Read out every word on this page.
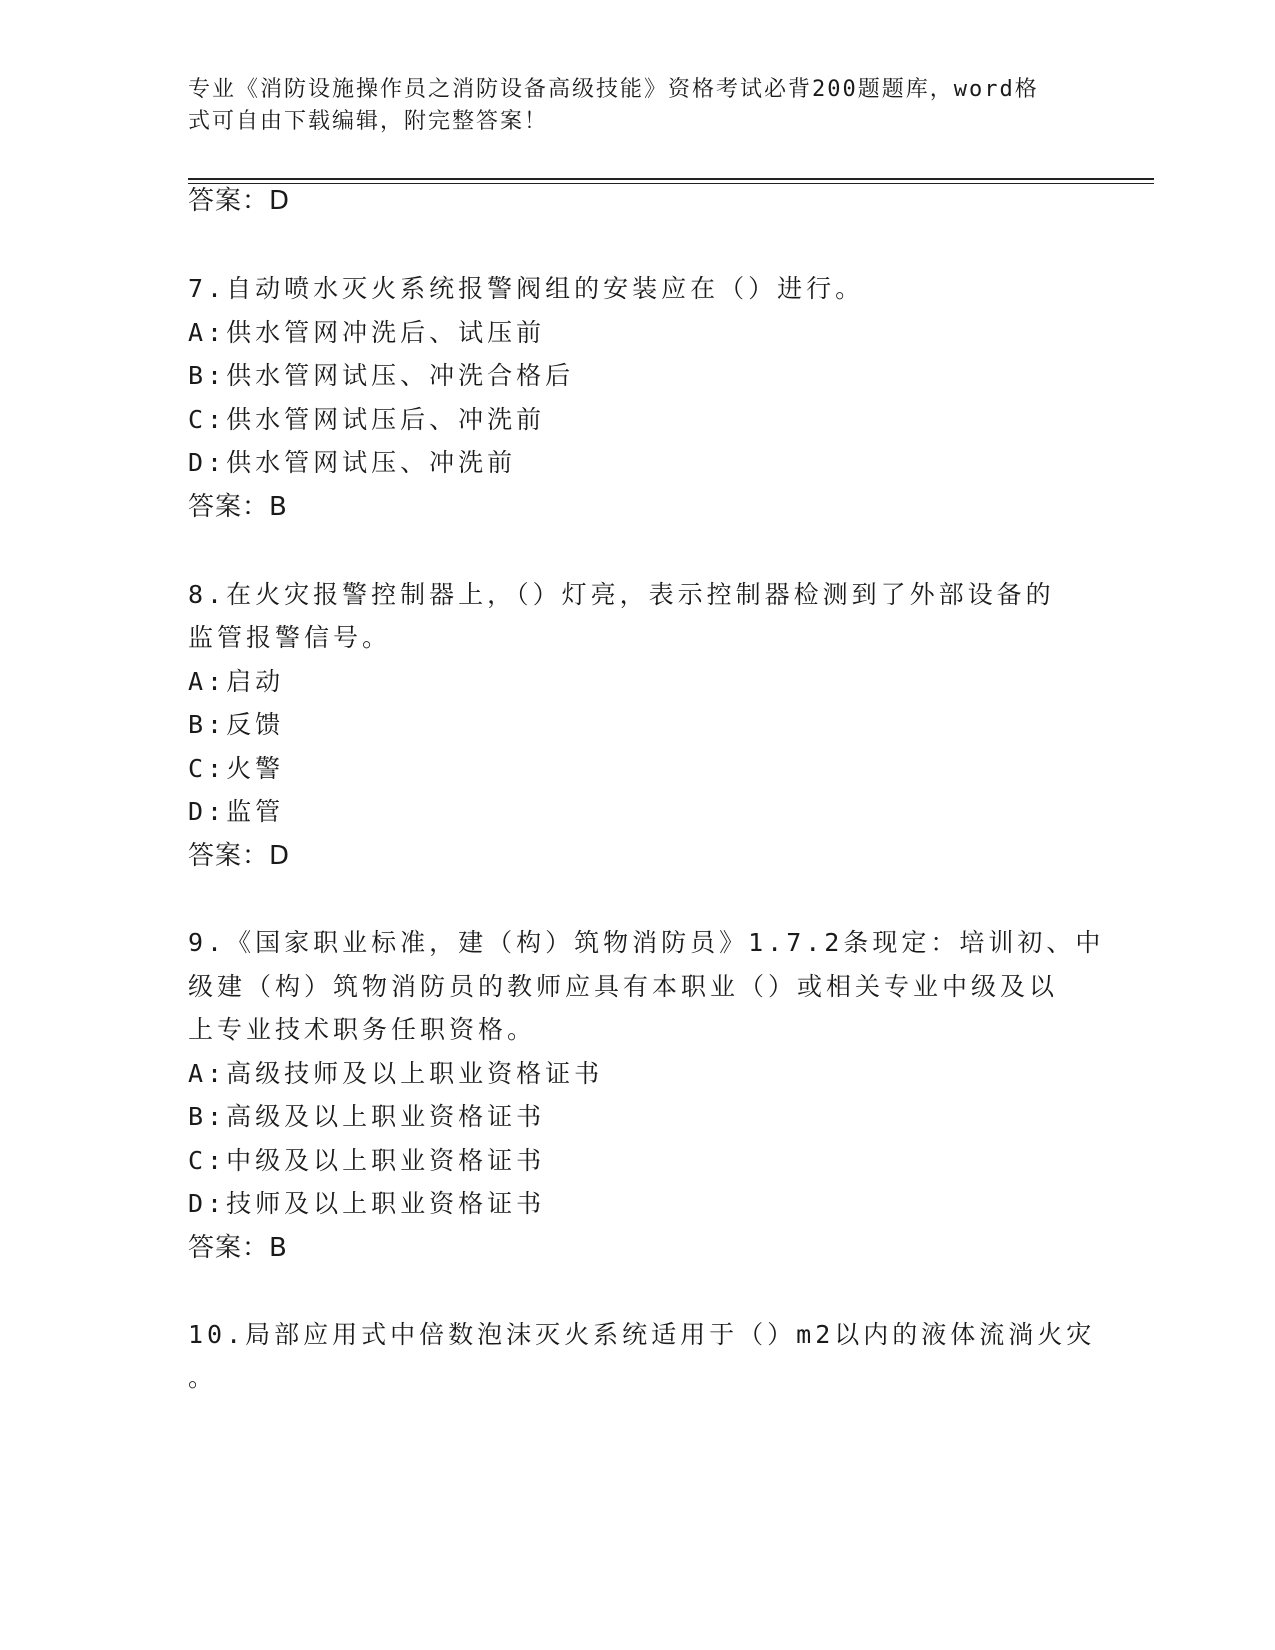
专业《消防设施操作员之消防设备高级技能》资格考试必背200题题库，word格
式可自由下载编辑，附完整答案！
答案：D
7.自动喷水灭火系统报警阀组的安装应在（）进行。
A:供水管网冲洗后、试压前
B:供水管网试压、冲洗合格后
C:供水管网试压后、冲洗前
D:供水管网试压、冲洗前
答案：B
8.在火灾报警控制器上，（）灯亮，表示控制器检测到了外部设备的
监管报警信号。
A:启动
B:反馈
C:火警
D:监管
答案：D
9.《国家职业标准，建（构）筑物消防员》1.7.2条现定：培训初、中
级建（构）筑物消防员的教师应具有本职业（）或相关专业中级及以
上专业技术职务任职资格。
A:高级技师及以上职业资格证书
B:高级及以上职业资格证书
C:中级及以上职业资格证书
D:技师及以上职业资格证书
答案：B
10.局部应用式中倍数泡沫灭火系统适用于（）m2以内的液体流淌火灾
。
